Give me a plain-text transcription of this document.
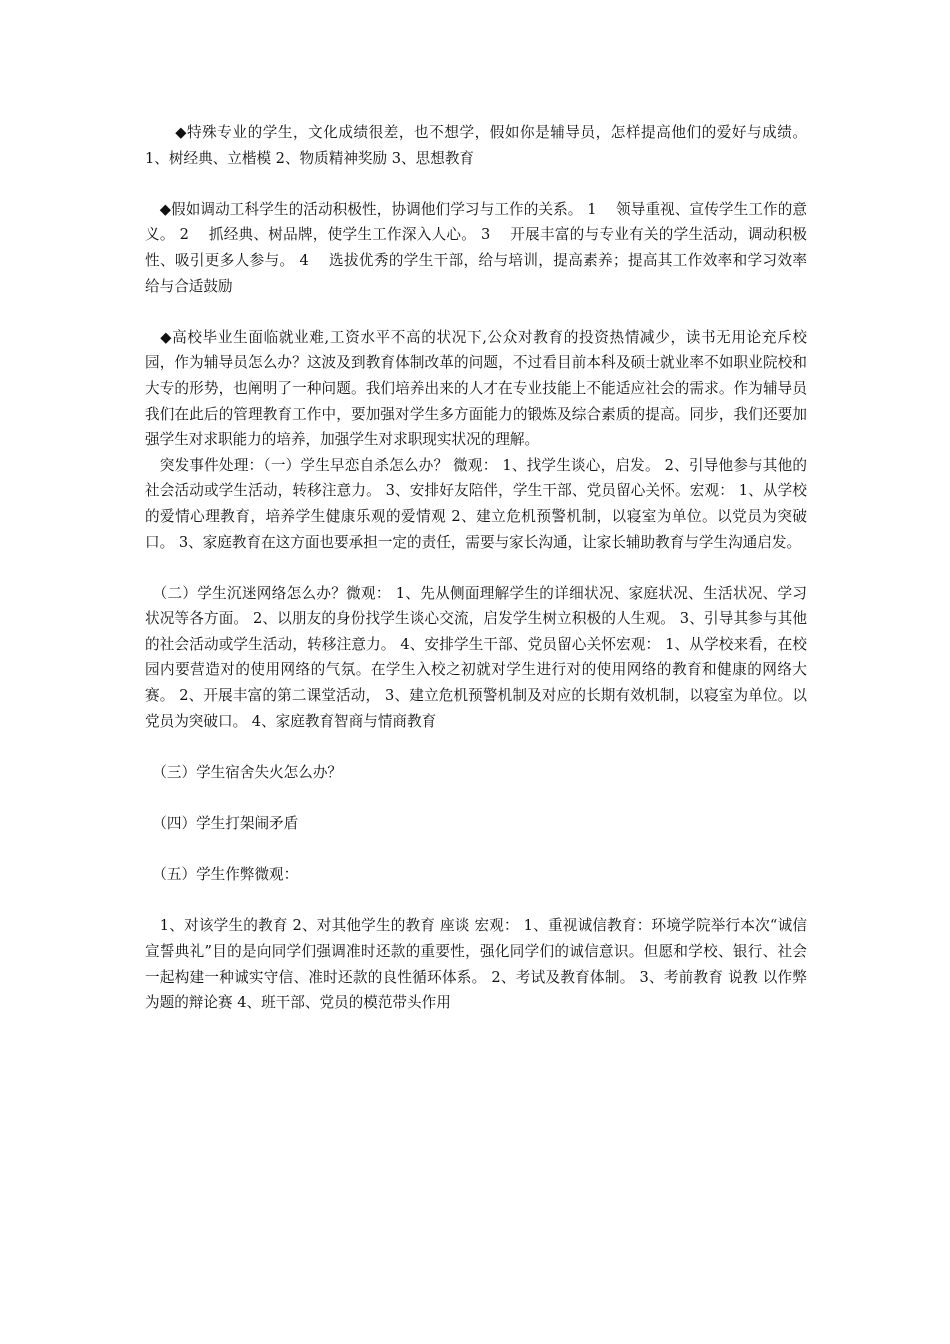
　　◆特殊专业的学生，文化成绩很差，也不想学，假如你是辅导员，怎样提高他们的爱好与成绩。 1、树经典、立楷模 2、物质精神奖励 3、思想教育

　◆假如调动工科学生的活动积极性，协调他们学习与工作的关系。 1　 领导重视、宣传学生工作的意义。 2　 抓经典、树品牌，使学生工作深入人心。 3　 开展丰富的与专业有关的学生活动，调动积极性、吸引更多人参与。 4　 选拔优秀的学生干部，给与培训，提高素养；提高其工作效率和学习效率　 给与合适鼓励

　◆高校毕业生面临就业难,工资水平不高的状况下,公众对教育的投资热情减少，读书无用论充斥校园，作为辅导员怎么办？这波及到教育体制改革的问题，不过看目前本科及硕士就业率不如职业院校和大专的形势，也阐明了一种问题。我们培养出来的人才在专业技能上不能适应社会的需求。作为辅导员我们在此后的管理教育工作中，要加强对学生多方面能力的锻炼及综合素质的提高。同步，我们还要加强学生对求职能力的培养，加强学生对求职现实状况的理解。

　突发事件处理：（一）学生早恋自杀怎么办？ 微观： 1、找学生谈心，启发。 2、引导他参与其他的社会活动或学生活动，转移注意力。 3、安排好友陪伴，学生干部、党员留心关怀。宏观： 1、从学校的爱情心理教育，培养学生健康乐观的爱情观 2、建立危机预警机制，以寝室为单位。以党员为突破口。 3、家庭教育在这方面也要承担一定的责任，需要与家长沟通，让家长辅助教育与学生沟通启发。

　（二）学生沉迷网络怎么办？微观： 1、先从侧面理解学生的详细状况、家庭状况、生活状况、学习状况等各方面。 2、以朋友的身份找学生谈心交流，启发学生树立积极的人生观。 3、引导其参与其他的社会活动或学生活动，转移注意力。 4、安排学生干部、党员留心关怀宏观： 1、从学校来看，在校园内要营造对的使用网络的气氛。在学生入校之初就对学生进行对的使用网络的教育和健康的网络大赛。 2、开展丰富的第二课堂活动， 3、建立危机预警机制及对应的长期有效机制，以寝室为单位。以党员为突破口。 4、家庭教育智商与情商教育

　（三）学生宿舍失火怎么办？

　（四）学生打架闹矛盾

　（五）学生作弊微观：

　1、对该学生的教育 2、对其他学生的教育 座谈 宏观： 1、重视诚信教育：环境学院举行本次“诚信宣誓典礼”目的是向同学们强调准时还款的重要性，强化同学们的诚信意识。但愿和学校、银行、社会一起构建一种诚实守信、准时还款的良性循环体系。 2、考试及教育体制。 3、考前教育 说教 以作弊为题的辩论赛 4、班干部、党员的模范带头作用
